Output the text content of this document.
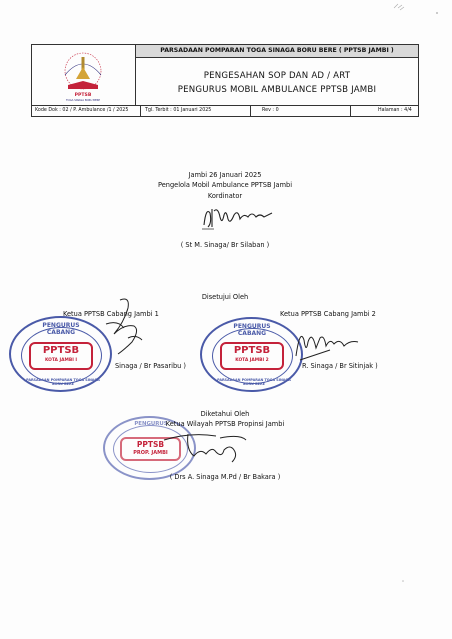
PPTSB
TOGA SINAGA BORU BERE
PARSADAAN POMPARAN TOGA SINAGA BORU BERE ( PPTSB JAMBI )
PENGESAHAN SOP DAN AD / ART
PENGURUS MOBIL AMBULANCE PPTSB JAMBI
Kode Dok : 02 / P. Ambulance /1 / 2025	Tgl. Terbit : 01 Januari 2025	Rev : 0	Halaman : 4/4
Jambi 26 Januari 2025
Pengelola Mobil Ambulance PPTSB Jambi
Kordinator
( St M. Sinaga/ Br Silaban )
Disetujui Oleh
Ketua PPTSB Cabang Jambi 1	Ketua PPTSB Cabang Jambi 2
PENGURUS CABANG
PPTSB
KOTA JAMBI I
PARSADAAN POMPARAN TOGA SINAGA BORU BERE
Sinaga / Br Pasaribu )
PENGURUS CABANG
PPTSB
KOTA JAMBI 2
PARSADAAN POMPARAN TOGA SINAGA BORU BERE
R. Sinaga / Br Sitinjak )
Diketahui Oleh
PENGURUS
PPTSB
PROP. JAMBI
Ketua Wilayah PPTSB Propinsi Jambi
( Drs A. Sinaga M.Pd / Br Bakara )
